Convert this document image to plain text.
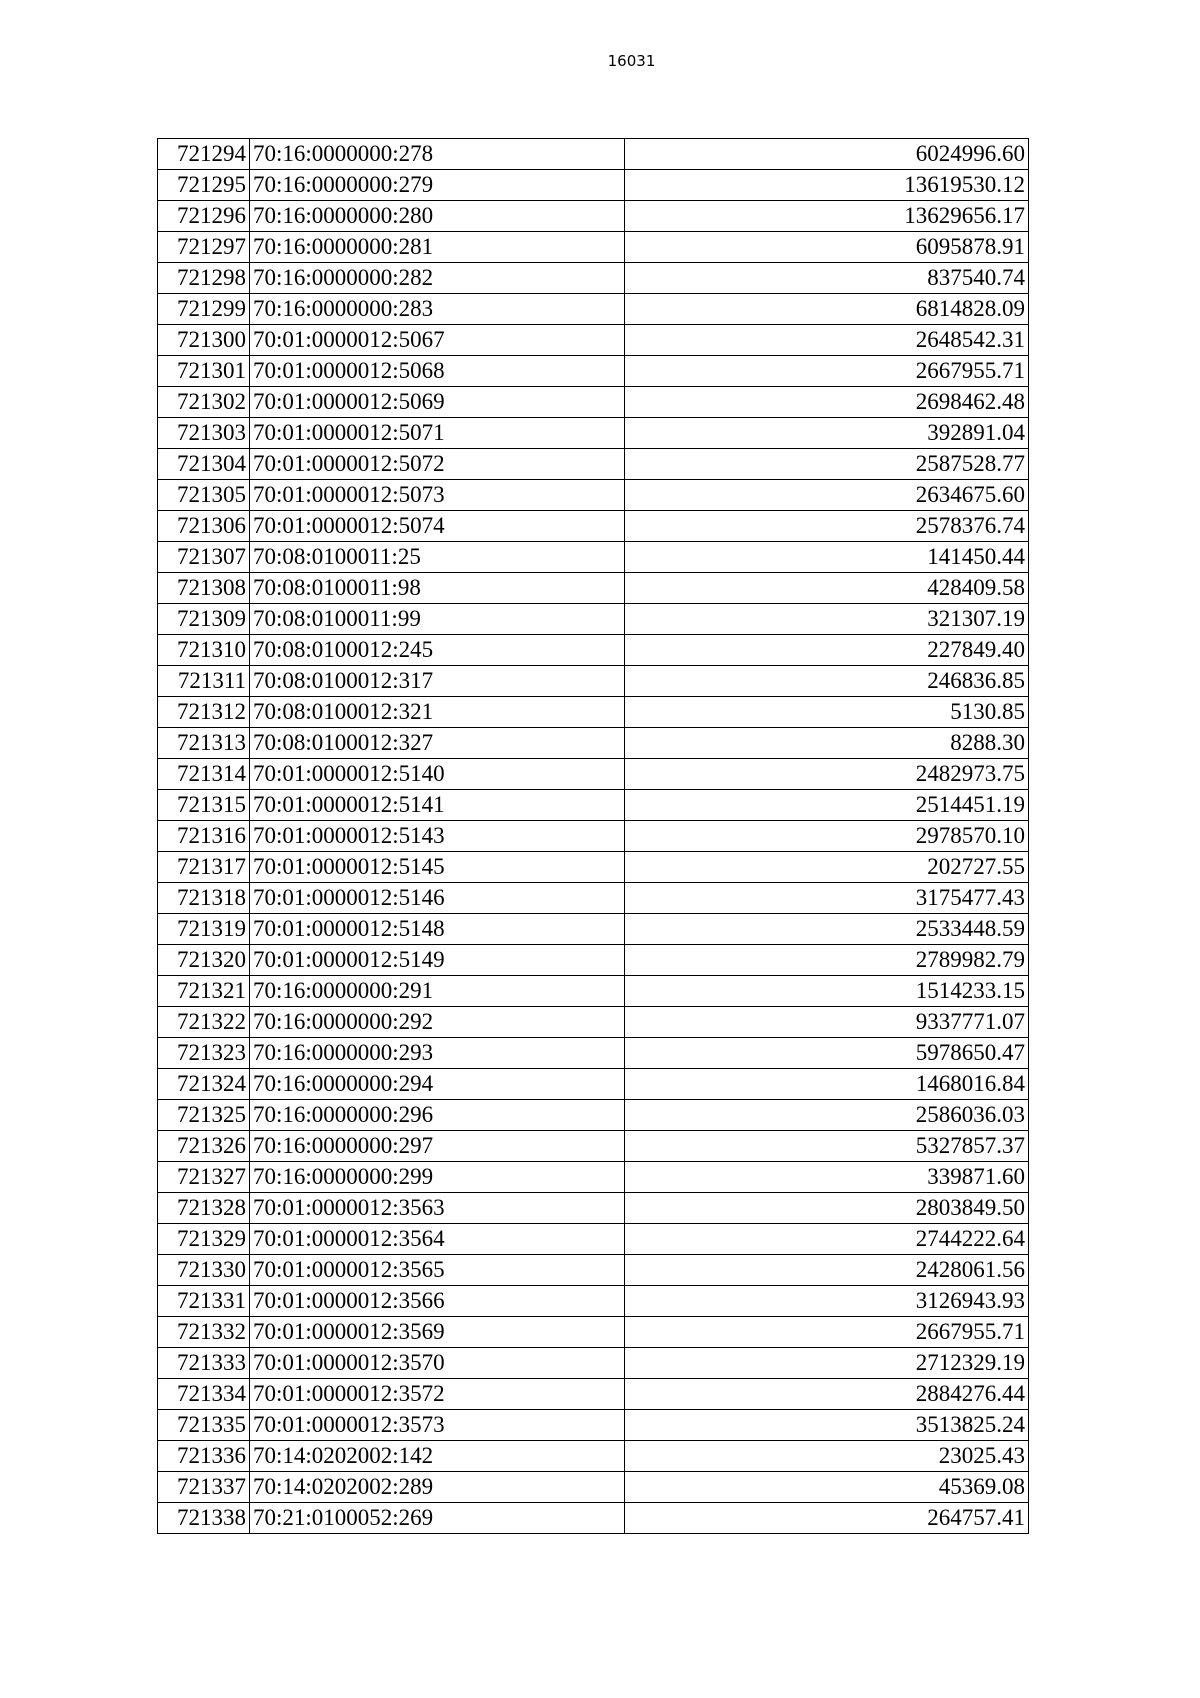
16031
721294	70:16:0000000:278	6024996.60
721295	70:16:0000000:279	13619530.12
721296	70:16:0000000:280	13629656.17
721297	70:16:0000000:281	6095878.91
721298	70:16:0000000:282	837540.74
721299	70:16:0000000:283	6814828.09
721300	70:01:0000012:5067	2648542.31
721301	70:01:0000012:5068	2667955.71
721302	70:01:0000012:5069	2698462.48
721303	70:01:0000012:5071	392891.04
721304	70:01:0000012:5072	2587528.77
721305	70:01:0000012:5073	2634675.60
721306	70:01:0000012:5074	2578376.74
721307	70:08:0100011:25	141450.44
721308	70:08:0100011:98	428409.58
721309	70:08:0100011:99	321307.19
721310	70:08:0100012:245	227849.40
721311	70:08:0100012:317	246836.85
721312	70:08:0100012:321	5130.85
721313	70:08:0100012:327	8288.30
721314	70:01:0000012:5140	2482973.75
721315	70:01:0000012:5141	2514451.19
721316	70:01:0000012:5143	2978570.10
721317	70:01:0000012:5145	202727.55
721318	70:01:0000012:5146	3175477.43
721319	70:01:0000012:5148	2533448.59
721320	70:01:0000012:5149	2789982.79
721321	70:16:0000000:291	1514233.15
721322	70:16:0000000:292	9337771.07
721323	70:16:0000000:293	5978650.47
721324	70:16:0000000:294	1468016.84
721325	70:16:0000000:296	2586036.03
721326	70:16:0000000:297	5327857.37
721327	70:16:0000000:299	339871.60
721328	70:01:0000012:3563	2803849.50
721329	70:01:0000012:3564	2744222.64
721330	70:01:0000012:3565	2428061.56
721331	70:01:0000012:3566	3126943.93
721332	70:01:0000012:3569	2667955.71
721333	70:01:0000012:3570	2712329.19
721334	70:01:0000012:3572	2884276.44
721335	70:01:0000012:3573	3513825.24
721336	70:14:0202002:142	23025.43
721337	70:14:0202002:289	45369.08
721338	70:21:0100052:269	264757.41
